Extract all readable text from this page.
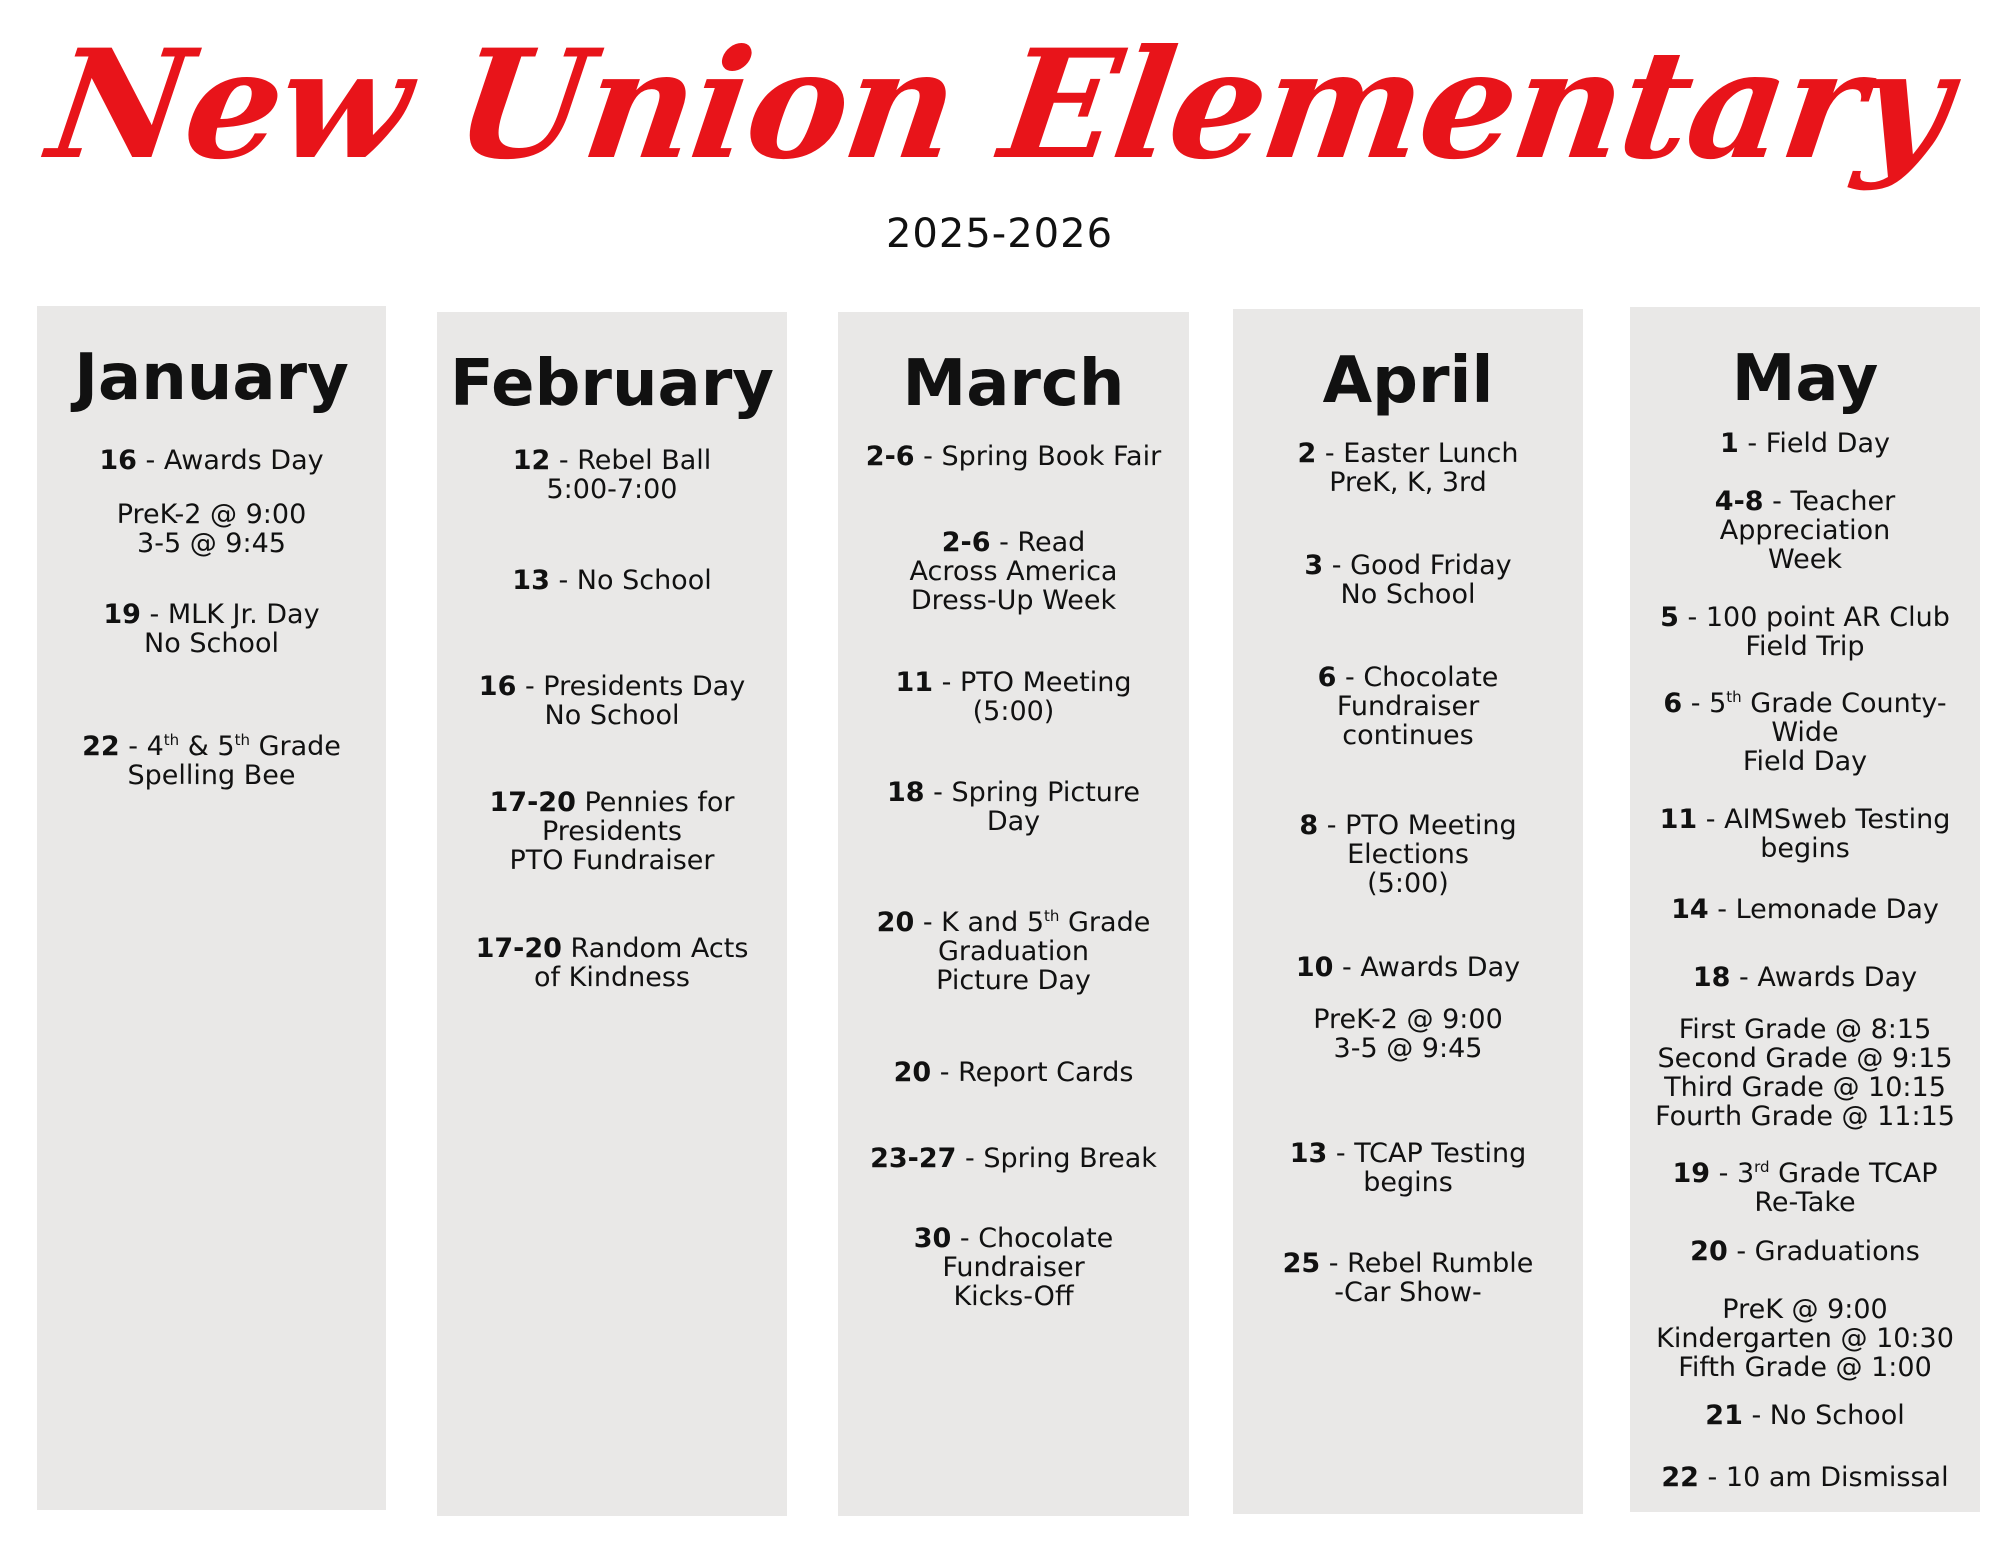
New Union Elementary
2025-2026
January
16 - Awards Day
PreK-2 @ 9:00
3-5 @ 9:45
19 - MLK Jr. Day
No School
22 - 4th & 5th Grade
Spelling Bee
February
12 - Rebel Ball
5:00-7:00
13 - No School
16 - Presidents Day
No School
17-20 Pennies for
Presidents
PTO Fundraiser
17-20 Random Acts
of Kindness
March
2-6 - Spring Book Fair
2-6 - Read
Across America
Dress-Up Week
11 - PTO Meeting
(5:00)
18 - Spring Picture
Day
20 - K and 5th Grade
Graduation
Picture Day
20 - Report Cards
23-27 - Spring Break
30 - Chocolate
Fundraiser
Kicks-Off
April
2 - Easter Lunch
PreK, K, 3rd
3 - Good Friday
No School
6 - Chocolate
Fundraiser
continues
8 - PTO Meeting
Elections
(5:00)
10 - Awards Day
PreK-2 @ 9:00
3-5 @ 9:45
13 - TCAP Testing
begins
25 - Rebel Rumble
-Car Show-
May
1 - Field Day
4-8 - Teacher
Appreciation
Week
5 - 100 point AR Club
Field Trip
6 - 5th Grade County-
Wide
Field Day
11 - AIMSweb Testing
begins
14 - Lemonade Day
18 - Awards Day
First Grade @ 8:15
Second Grade @ 9:15
Third Grade @ 10:15
Fourth Grade @ 11:15
19 - 3rd Grade TCAP
Re-Take
20 - Graduations
PreK @ 9:00
Kindergarten @ 10:30
Fifth Grade @ 1:00
21 - No School
22 - 10 am Dismissal
